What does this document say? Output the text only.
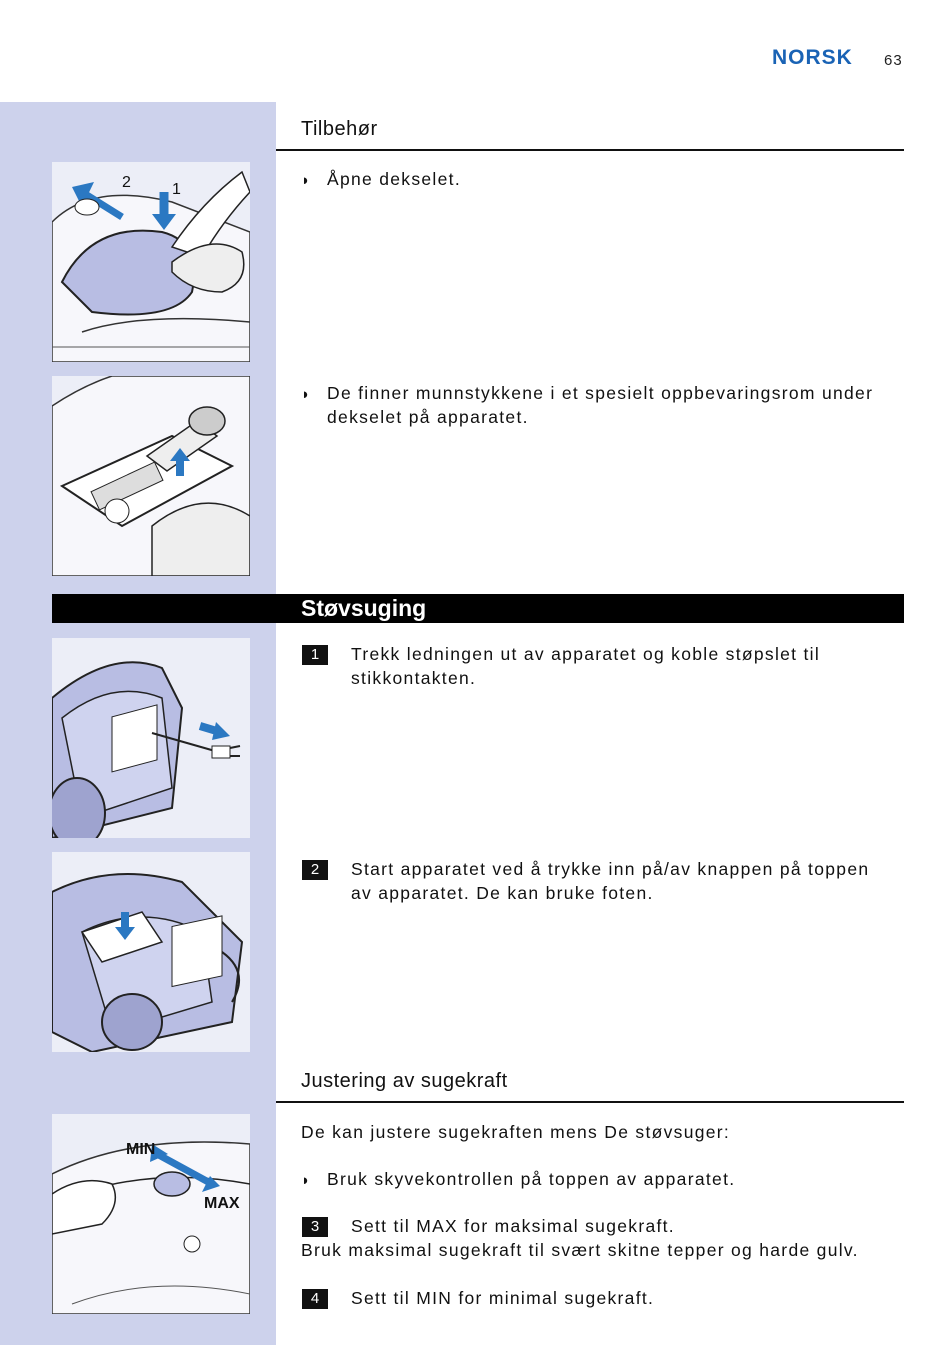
NORSK 63
Tilbehør
2	1
◗ Åpne dekselet.
◗ De finner munnstykkene i et spesielt oppbevaringsrom under dekselet på apparatet.
Støvsuging
1	Trekk ledningen ut av apparatet og koble støpslet til stikkontakten.
2	Start apparatet ved å trykke inn på/av knappen på toppen av apparatet. De kan bruke foten.
Justering av sugekraft
MIN
MAX
De kan justere sugekraften mens De støvsuger:
◗ Bruk skyvekontrollen på toppen av apparatet.
3	Sett til MAX for maksimal sugekraft.
Bruk maksimal sugekraft til svært skitne tepper og harde gulv.
4	Sett til MIN for minimal sugekraft.
